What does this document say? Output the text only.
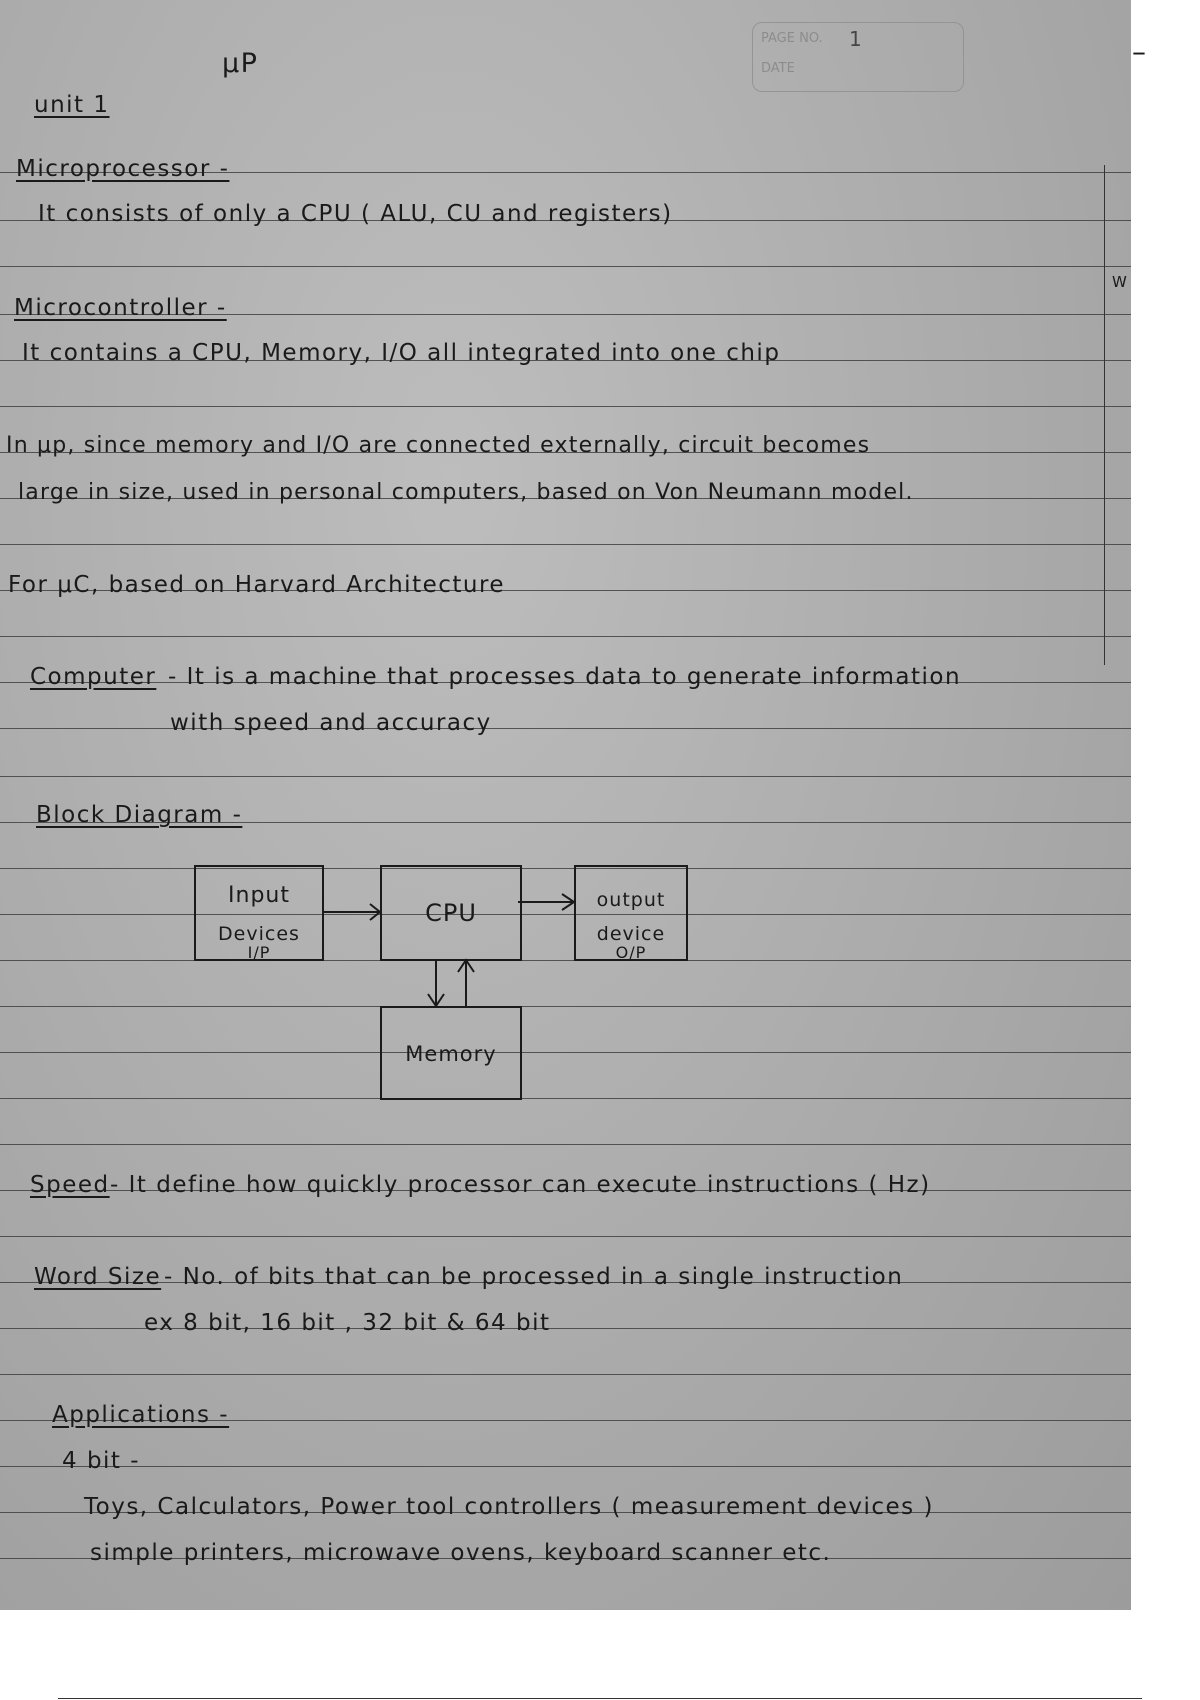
PAGE NO.
DATE
1
μP
unit 1
Microprocessor -
It consists of only a CPU ( ALU, CU and registers)
Microcontroller -
It contains a CPU, Memory, I/O all integrated into one chip
W
In μp, since memory and I/O are connected externally, circuit becomes
large in size, used in personal computers, based on Von Neumann model.
For μC, based on Harvard Architecture
Computer - It is a machine that processes data to generate information
with speed and accuracy
Block Diagram -
Input
Devices
I/P
CPU	output
device
O/P
Memory
Speed - It define how quickly processor can execute instructions ( Hz)
Word Size - No. of bits that can be processed in a single instruction
ex 8 bit, 16 bit , 32 bit & 64 bit
Applications -
4 bit -
Toys, Calculators, Power tool controllers ( measurement devices )
simple printers, microwave ovens, keyboard scanner etc.
–
